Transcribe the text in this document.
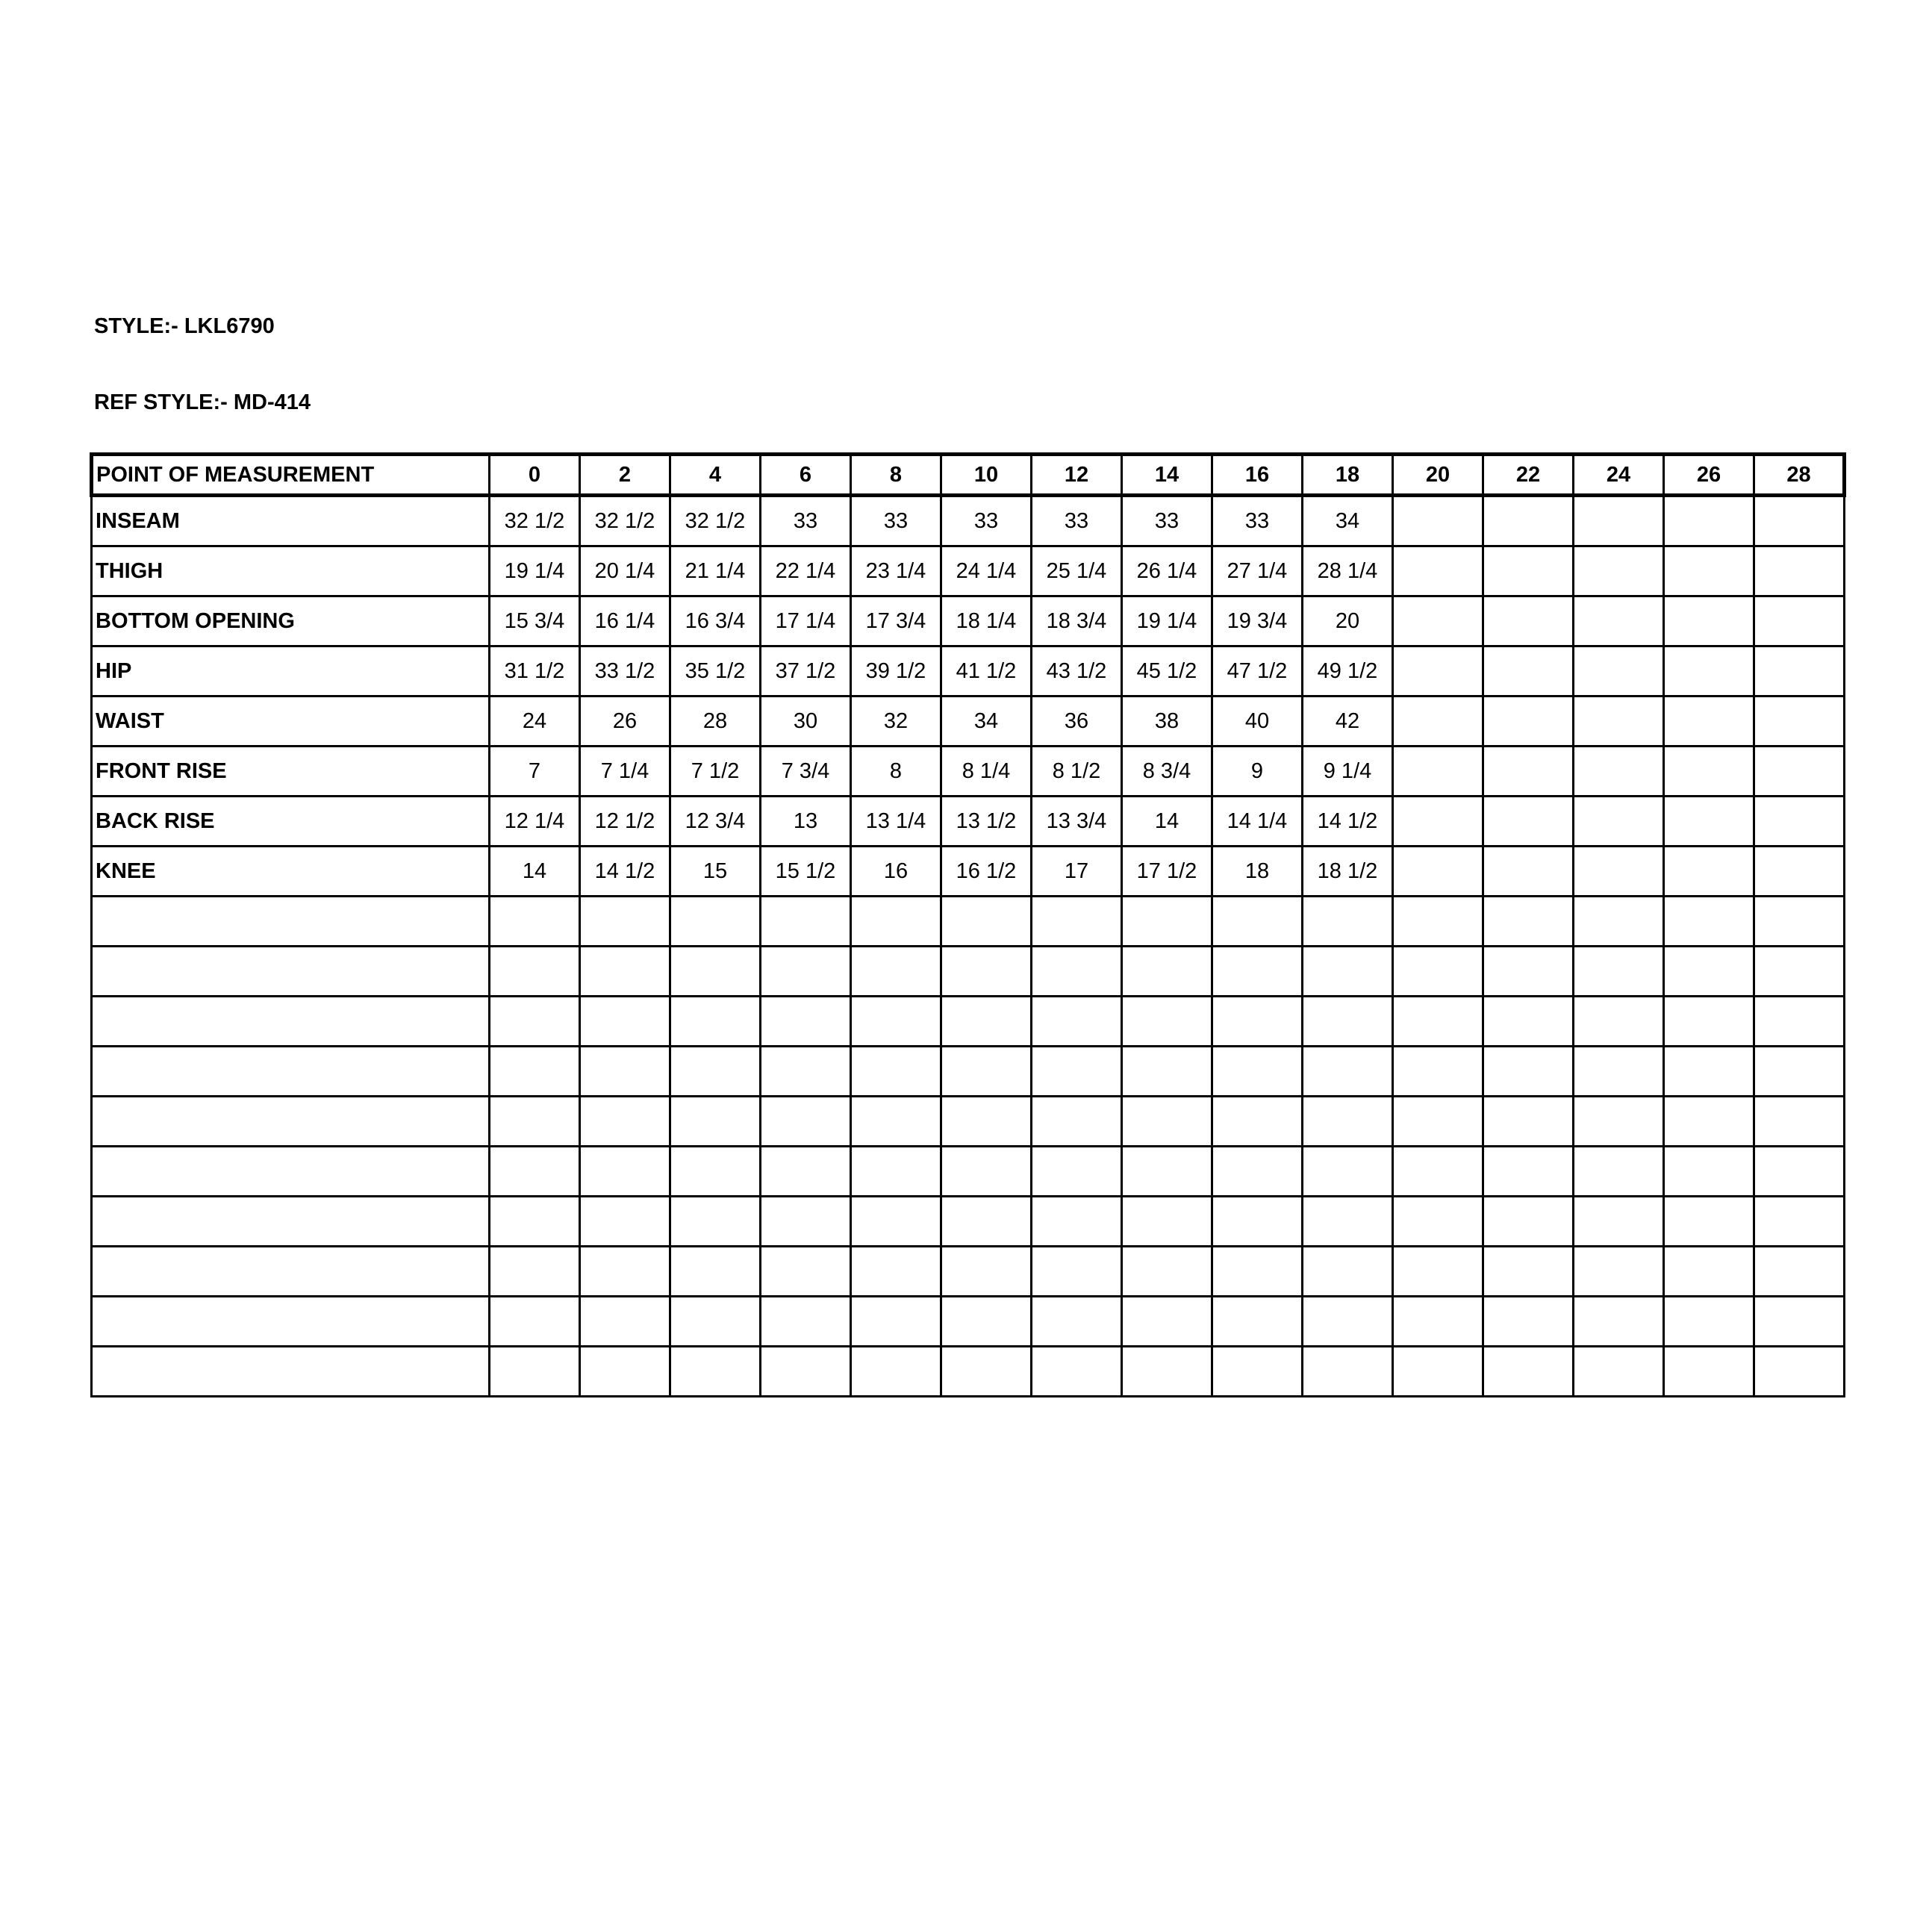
STYLE:- LKL6790
REF STYLE:- MD-414
POINT OF MEASUREMENT	0	2	4	6	8	10	12	14	16	18	20	22	24	26	28
INSEAM	32 1/2	32 1/2	32 1/2	33	33	33	33	33	33	34					
THIGH	19 1/4	20 1/4	21 1/4	22 1/4	23 1/4	24 1/4	25 1/4	26 1/4	27 1/4	28 1/4					
BOTTOM OPENING	15 3/4	16 1/4	16 3/4	17 1/4	17 3/4	18 1/4	18 3/4	19 1/4	19 3/4	20					
HIP	31 1/2	33 1/2	35 1/2	37 1/2	39 1/2	41 1/2	43 1/2	45 1/2	47 1/2	49 1/2					
WAIST	24	26	28	30	32	34	36	38	40	42					
FRONT RISE	7	7 1/4	7 1/2	7 3/4	8	8 1/4	8 1/2	8 3/4	9	9 1/4					
BACK RISE	12 1/4	12 1/2	12 3/4	13	13 1/4	13 1/2	13 3/4	14	14 1/4	14 1/2					
KNEE	14	14 1/2	15	15 1/2	16	16 1/2	17	17 1/2	18	18 1/2					
